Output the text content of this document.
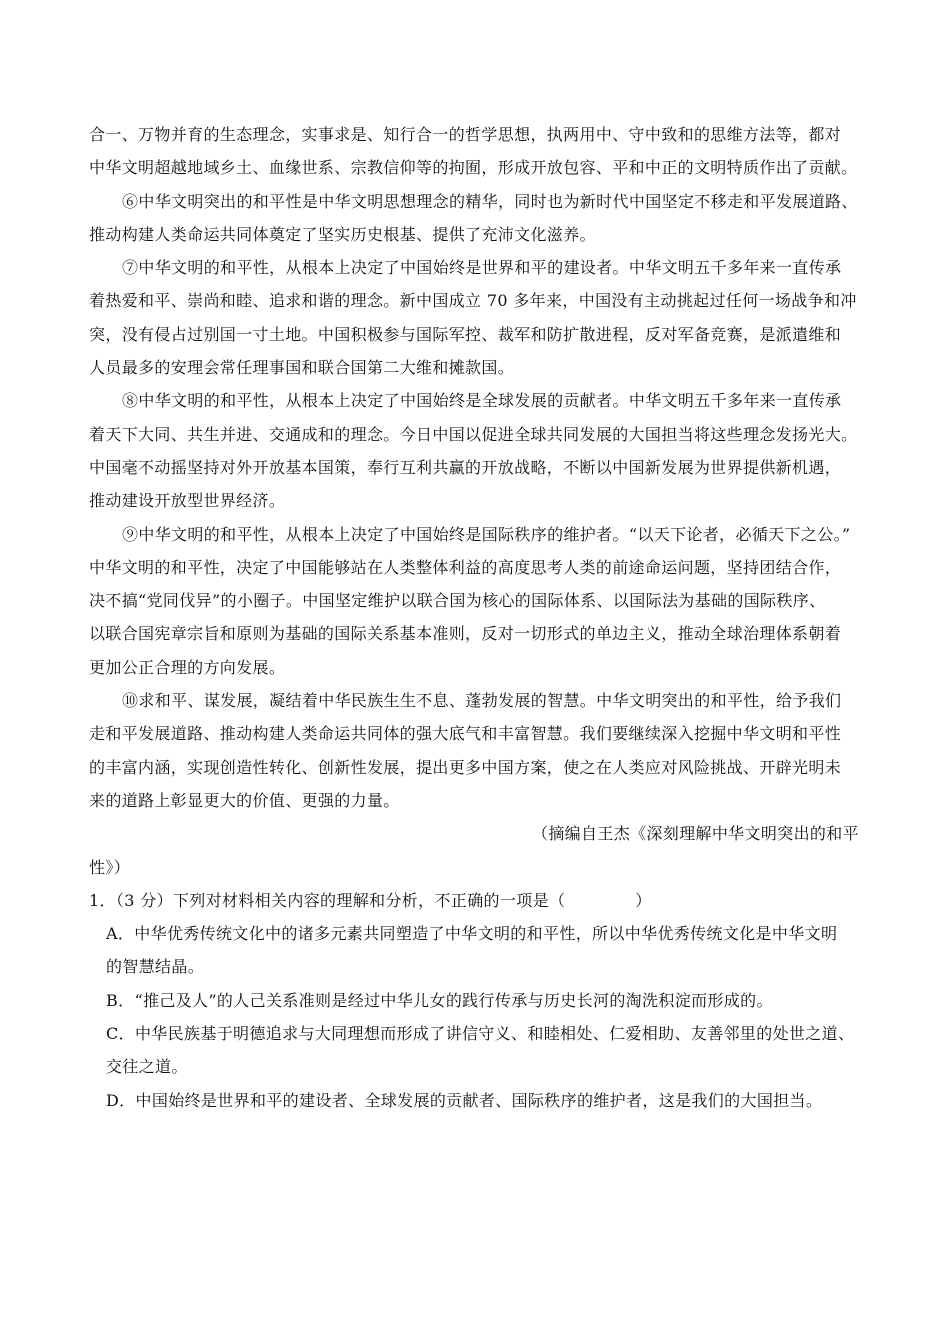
合一、万物并育的生态理念，实事求是、知行合一的哲学思想，执两用中、守中致和的思维方法等，都对
中华文明超越地域乡土、血缘世系、宗教信仰等的拘囿，形成开放包容、平和中正的文明特质作出了贡献。
⑥中华文明突出的和平性是中华文明思想理念的精华，同时也为新时代中国坚定不移走和平发展道路、
推动构建人类命运共同体奠定了坚实历史根基、提供了充沛文化滋养。
⑦中华文明的和平性，从根本上决定了中国始终是世界和平的建设者。中华文明五千多年来一直传承
着热爱和平、崇尚和睦、追求和谐的理念。新中国成立 70 多年来，中国没有主动挑起过任何一场战争和冲
突，没有侵占过别国一寸土地。中国积极参与国际军控、裁军和防扩散进程，反对军备竞赛，是派遣维和
人员最多的安理会常任理事国和联合国第二大维和摊款国。
⑧中华文明的和平性，从根本上决定了中国始终是全球发展的贡献者。中华文明五千多年来一直传承
着天下大同、共生并进、交通成和的理念。今日中国以促进全球共同发展的大国担当将这些理念发扬光大。
中国毫不动摇坚持对外开放基本国策，奉行互利共赢的开放战略，不断以中国新发展为世界提供新机遇，
推动建设开放型世界经济。
⑨中华文明的和平性，从根本上决定了中国始终是国际秩序的维护者。“以天下论者，必循天下之公。”
中华文明的和平性，决定了中国能够站在人类整体利益的高度思考人类的前途命运问题，坚持团结合作，
决不搞“党同伐异”的小圈子。中国坚定维护以联合国为核心的国际体系、以国际法为基础的国际秩序、
以联合国宪章宗旨和原则为基础的国际关系基本准则，反对一切形式的单边主义，推动全球治理体系朝着
更加公正合理的方向发展。
⑩求和平、谋发展，凝结着中华民族生生不息、蓬勃发展的智慧。中华文明突出的和平性，给予我们
走和平发展道路、推动构建人类命运共同体的强大底气和丰富智慧。我们要继续深入挖掘中华文明和平性
的丰富内涵，实现创造性转化、创新性发展，提出更多中国方案，使之在人类应对风险挑战、开辟光明未
来的道路上彰显更大的价值、更强的力量。
（摘编自王杰《深刻理解中华文明突出的和平
性》）
1．（3 分）下列对材料相关内容的理解和分析，不正确的一项是（	）
A．中华优秀传统文化中的诸多元素共同塑造了中华文明的和平性，所以中华优秀传统文化是中华文明
的智慧结晶。
B．“推己及人”的人己关系准则是经过中华儿女的践行传承与历史长河的淘洗积淀而形成的。
C．中华民族基于明德追求与大同理想而形成了讲信守义、和睦相处、仁爱相助、友善邻里的处世之道、
交往之道。
D．中国始终是世界和平的建设者、全球发展的贡献者、国际秩序的维护者，这是我们的大国担当。
